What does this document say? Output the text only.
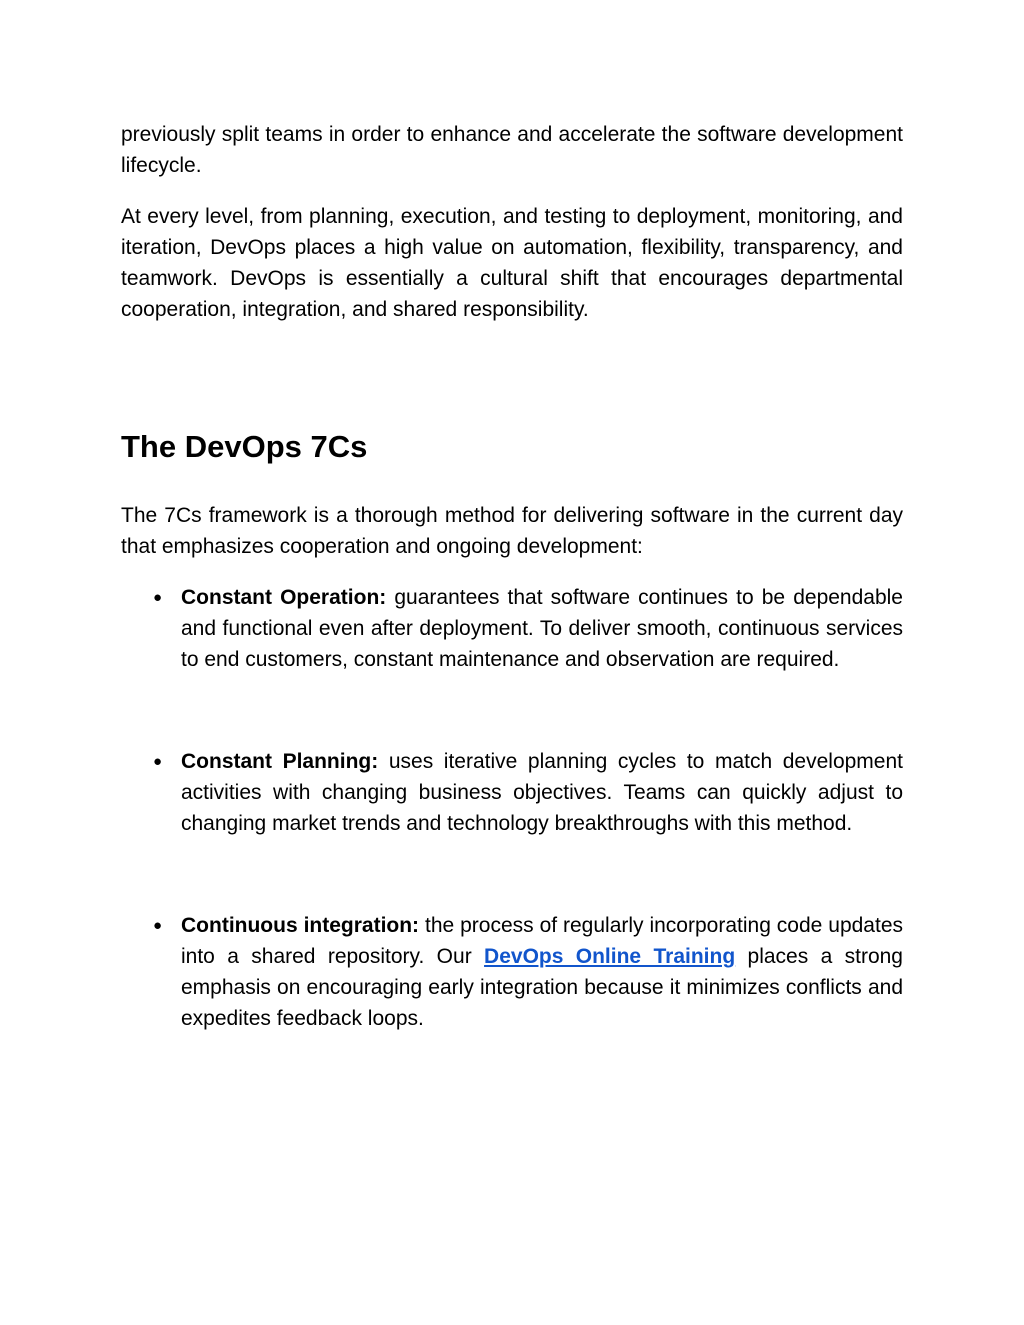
previously split teams in order to enhance and accelerate the software development lifecycle.

At every level, from planning, execution, and testing to deployment, monitoring, and iteration, DevOps places a high value on automation, flexibility, transparency, and teamwork. DevOps is essentially a cultural shift that encourages departmental cooperation, integration, and shared responsibility.

The DevOps 7Cs

The 7Cs framework is a thorough method for delivering software in the current day that emphasizes cooperation and ongoing development:

● Constant Operation: guarantees that software continues to be dependable and functional even after deployment. To deliver smooth, continuous services to end customers, constant maintenance and observation are required.
● Constant Planning: uses iterative planning cycles to match development activities with changing business objectives. Teams can quickly adjust to changing market trends and technology breakthroughs with this method.
● Continuous integration: the process of regularly incorporating code updates into a shared repository. Our DevOps Online Training places a strong emphasis on encouraging early integration because it minimizes conflicts and expedites feedback loops.
